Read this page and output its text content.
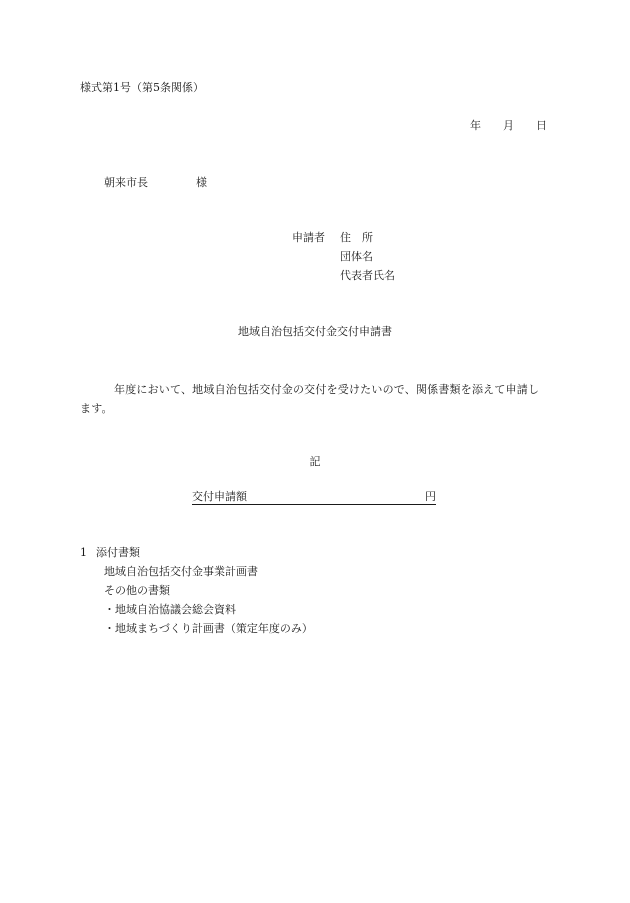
様式第1号（第5条関係）
年 月 日
朝来市長	様
申請者 住　所
団体名
代表者氏名
地域自治包括交付金交付申請書
年度において、地域自治包括交付金の交付を受けたいので、関係書類を添えて申請します。
記
交付申請額	円
1 添付書類
地域自治包括交付金事業計画書
その他の書類
・地域自治協議会総会資料
・地域まちづくり計画書（策定年度のみ）
